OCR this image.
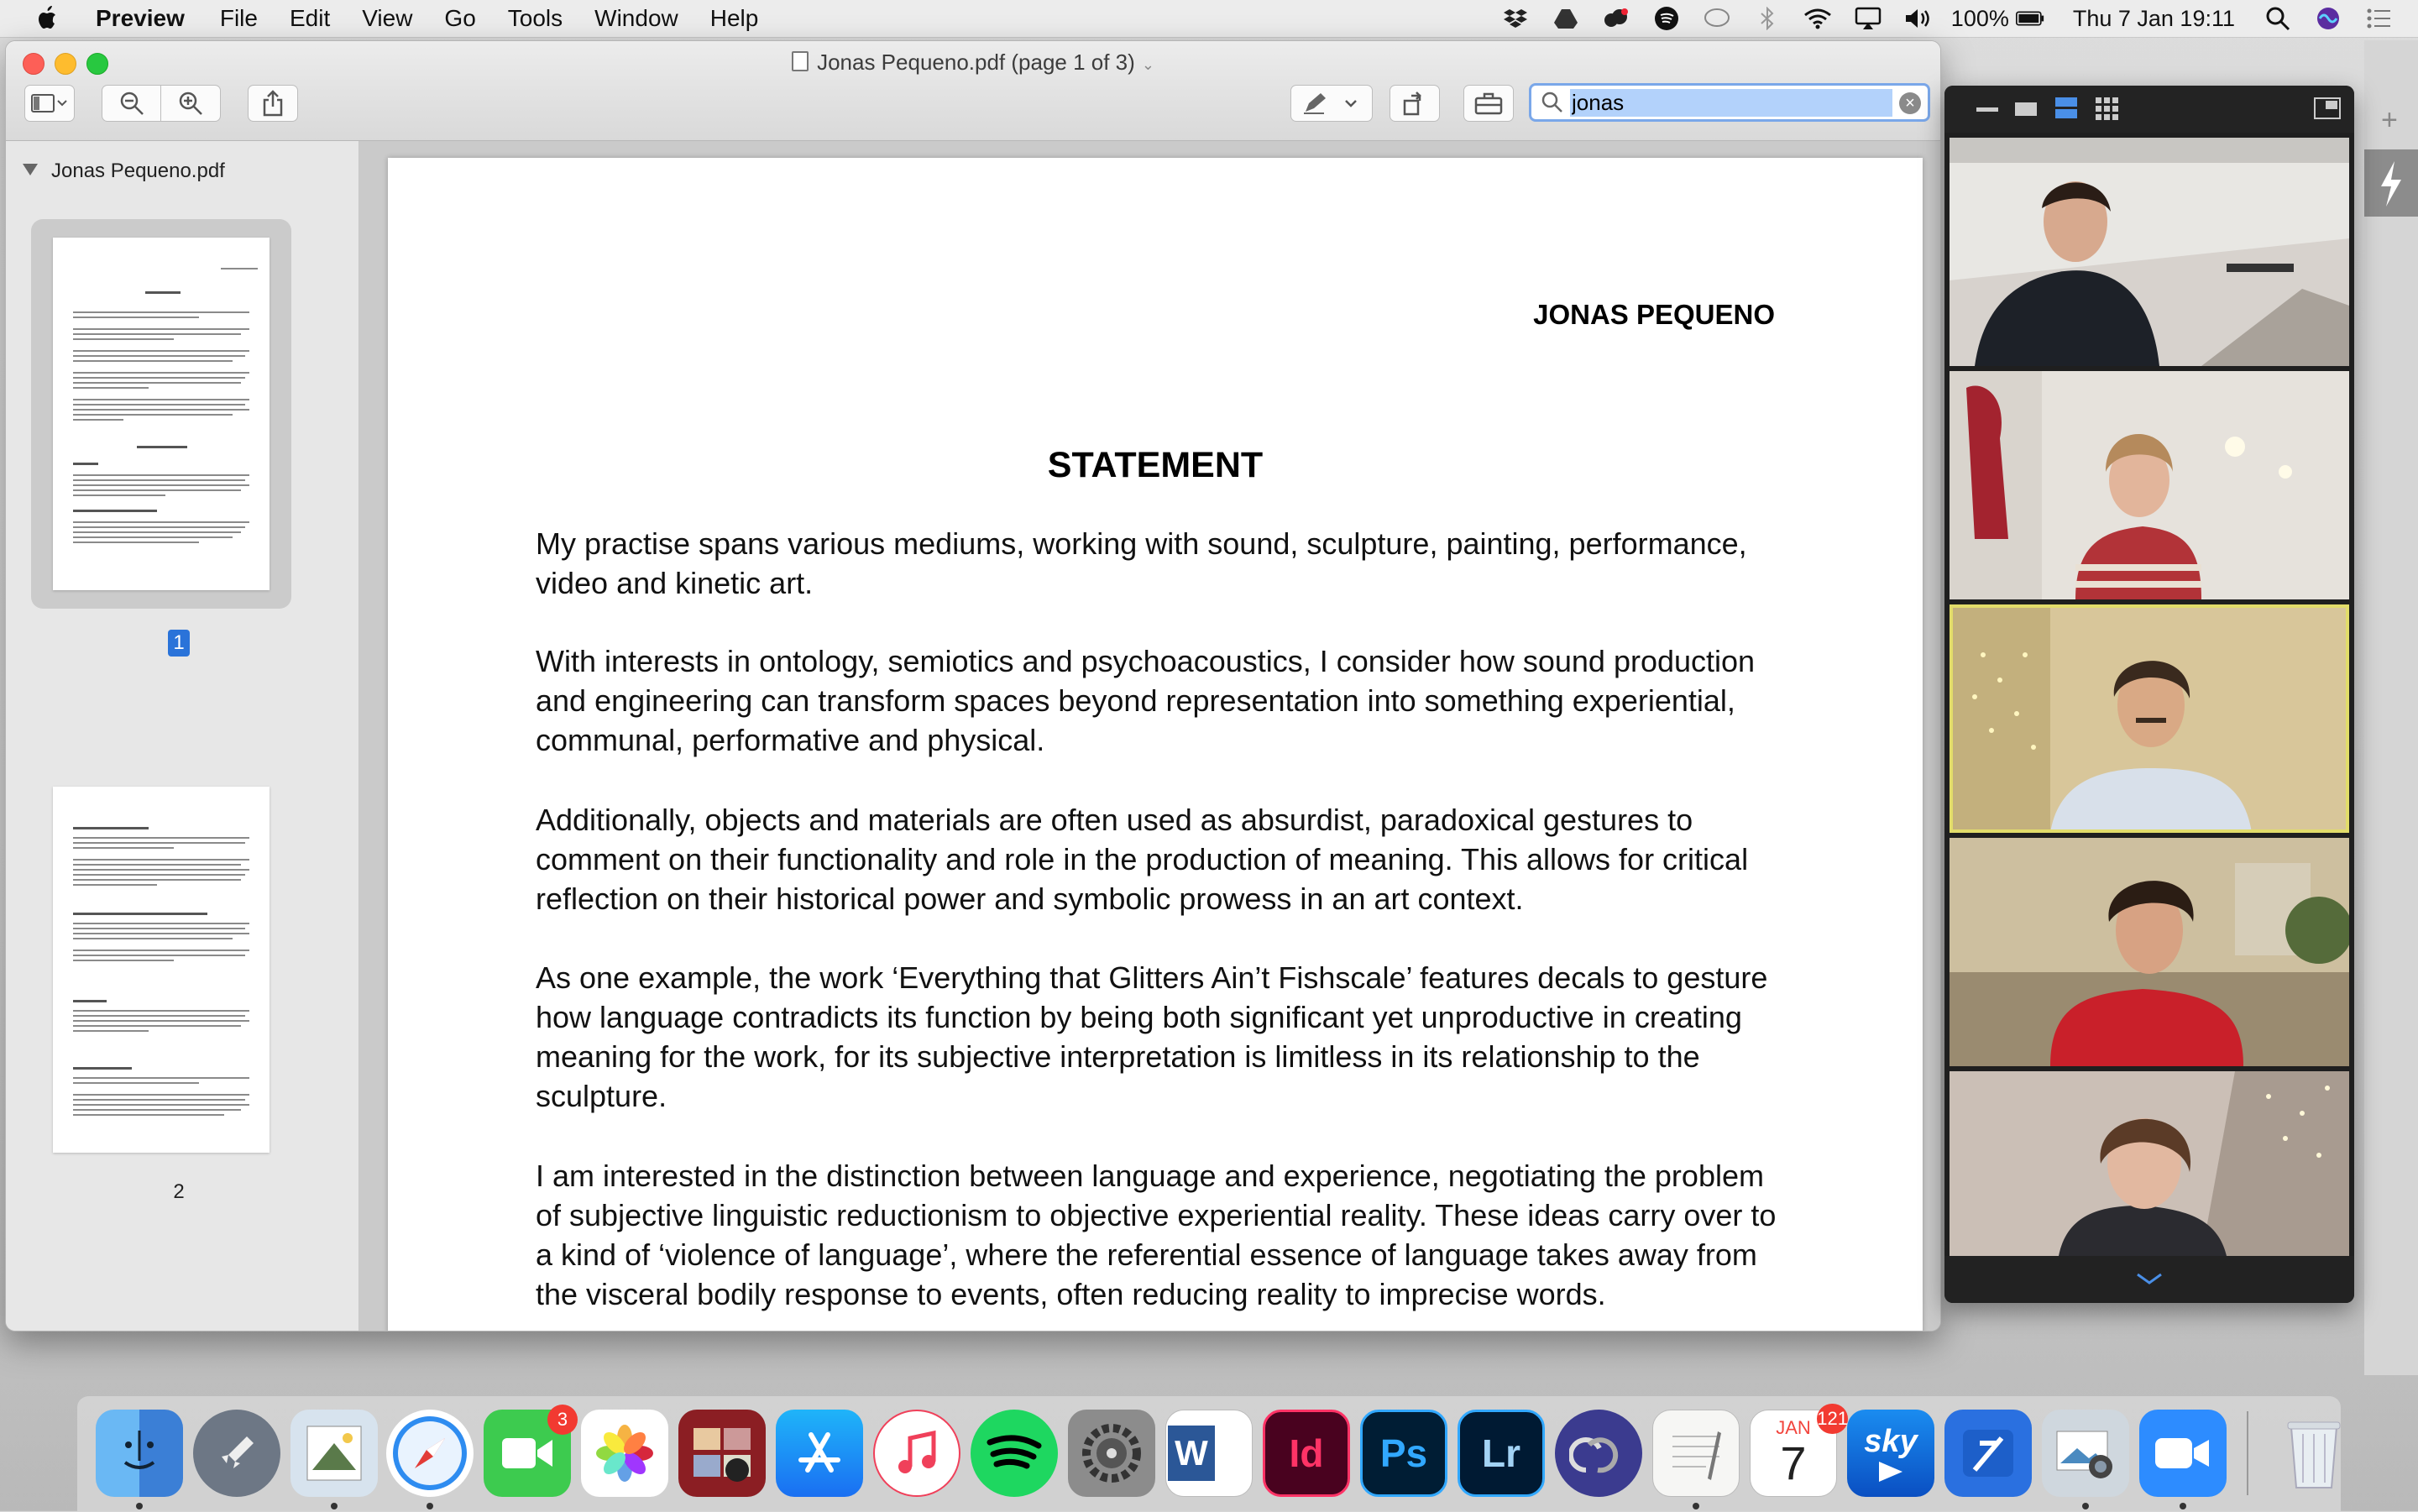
Preview File Edit View Go Tools Window Help	100%	Thu 7 Jan 19:11
Jonas Pequeno.pdf (page 1 of 3) ⌄
jonas
×
Jonas Pequeno.pdf
1
2
JONAS PEQUENO
STATEMENT
My practise spans various mediums, working with sound, sculpture, painting, performance, video and kinetic art.
With interests in ontology, semiotics and psychoacoustics, I consider how sound production and engineering can transform spaces beyond representation into something experiential, communal, performative and physical.
Additionally, objects and materials are often used as absurdist, paradoxical gestures to comment on their functionality and role in the production of meaning. This allows for critical reflection on their historical power and symbolic prowess in an art context.
As one example, the work ‘Everything that Glitters Ain’t Fishscale’ features decals to gesture how language contradicts its function by being both significant yet unproductive in creating meaning for the work, for its subjective interpretation is limitless in its relationship to the sculpture.
I am interested in the distinction between language and experience, negotiating the problem of subjective linguistic reductionism to objective experiential reality. These ideas carry over to a kind of ‘violence of language’, where the referential essence of language takes away from the visceral bodily response to events, often reducing reality to imprecise words.
+
3
W Id Ps Lr
JAN
7
121
sky
